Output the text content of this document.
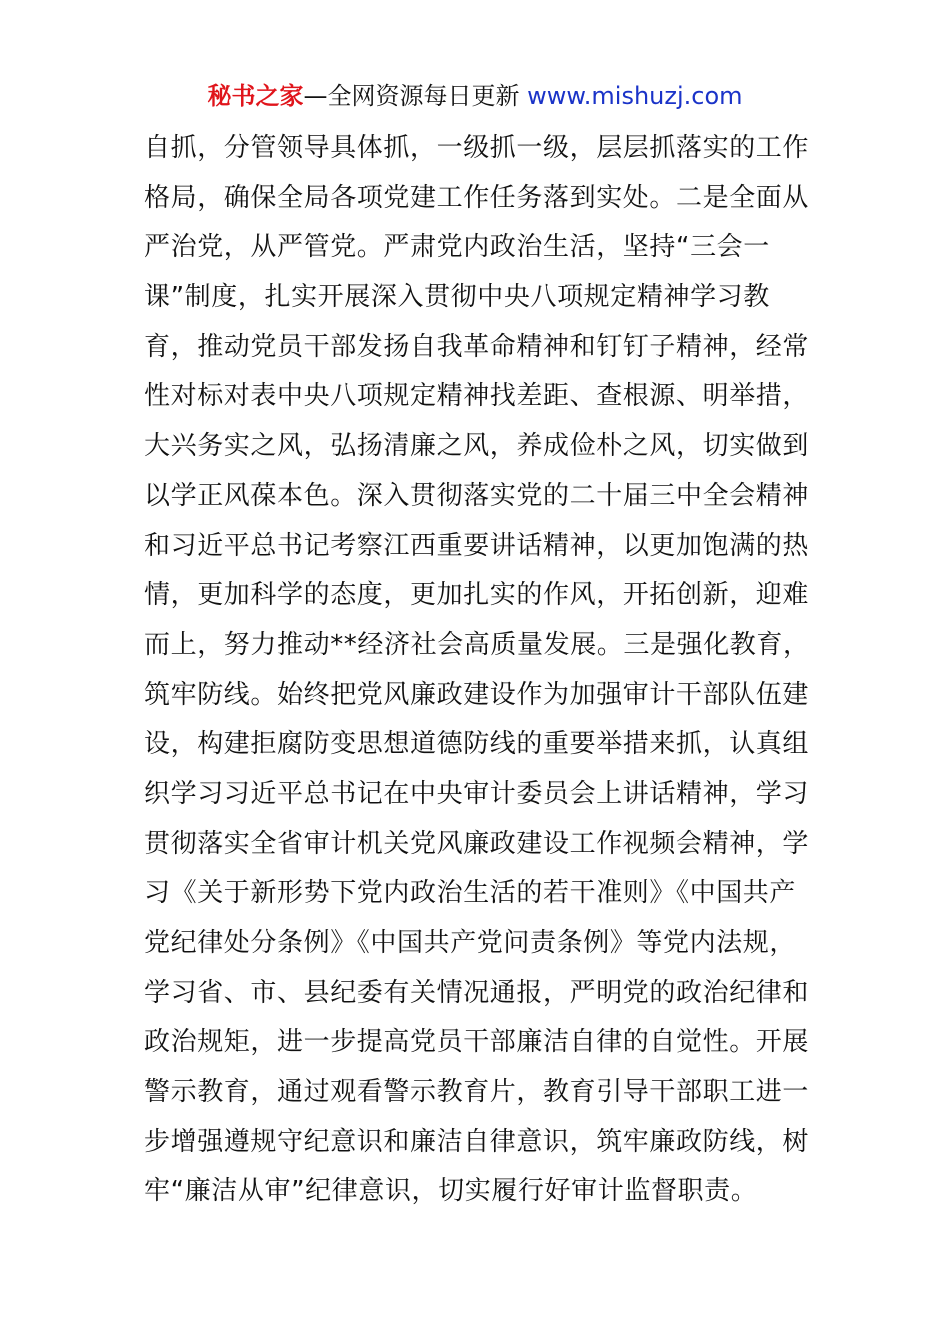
秘书之家—全网资源每日更新 www.mishuzj.com
自抓，分管领导具体抓，一级抓一级，层层抓落实的工作
格局，确保全局各项党建工作任务落到实处。二是全面从
严治党，从严管党。严肃党内政治生活，坚持“三会一
课”制度，扎实开展深入贯彻中央八项规定精神学习教
育，推动党员干部发扬自我革命精神和钉钉子精神，经常
性对标对表中央八项规定精神找差距、查根源、明举措，
大兴务实之风，弘扬清廉之风，养成俭朴之风，切实做到
以学正风葆本色。深入贯彻落实党的二十届三中全会精神
和习近平总书记考察江西重要讲话精神，以更加饱满的热
情，更加科学的态度，更加扎实的作风，开拓创新，迎难
而上，努力推动**经济社会高质量发展。三是强化教育，
筑牢防线。始终把党风廉政建设作为加强审计干部队伍建
设，构建拒腐防变思想道德防线的重要举措来抓，认真组
织学习习近平总书记在中央审计委员会上讲话精神，学习
贯彻落实全省审计机关党风廉政建设工作视频会精神，学
习《关于新形势下党内政治生活的若干准则》《中国共产
党纪律处分条例》《中国共产党问责条例》等党内法规，
学习省、市、县纪委有关情况通报，严明党的政治纪律和
政治规矩，进一步提高党员干部廉洁自律的自觉性。开展
警示教育，通过观看警示教育片，教育引导干部职工进一
步增强遵规守纪意识和廉洁自律意识，筑牢廉政防线，树
牢“廉洁从审”纪律意识，切实履行好审计监督职责。
